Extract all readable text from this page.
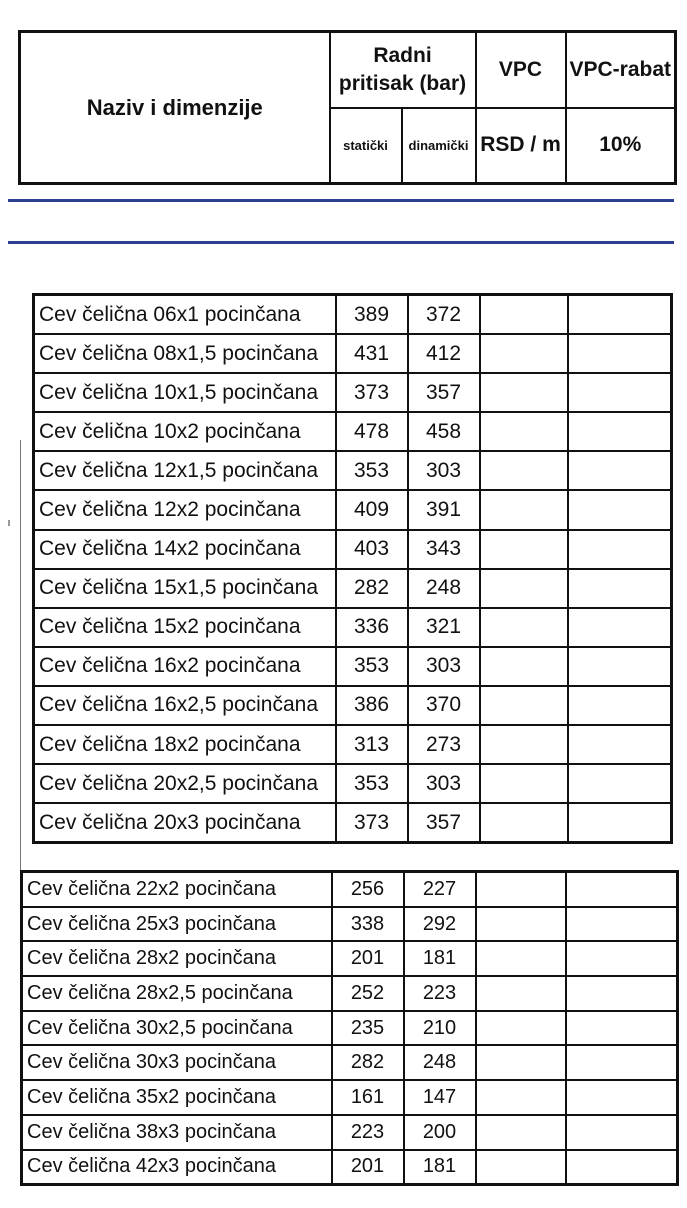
Naziv i dimenzije	Radni
pritisak (bar)		VPC	VPC-rabat
	statički	dinamički	RSD / m	10%
Cev čelična 06x1 pocinčana	389	372		
Cev čelična 08x1,5 pocinčana	431	412		
Cev čelična 10x1,5 pocinčana	373	357		
Cev čelična 10x2 pocinčana	478	458		
Cev čelična 12x1,5 pocinčana	353	303		
Cev čelična 12x2 pocinčana	409	391		
Cev čelična 14x2 pocinčana	403	343		
Cev čelična 15x1,5 pocinčana	282	248		
Cev čelična 15x2 pocinčana	336	321		
Cev čelična 16x2 pocinčana	353	303		
Cev čelična 16x2,5 pocinčana	386	370		
Cev čelična 18x2 pocinčana	313	273		
Cev čelična 20x2,5 pocinčana	353	303		
Cev čelična 20x3 pocinčana	373	357		
Cev čelična 22x2 pocinčana	256	227		
Cev čelična 25x3 pocinčana	338	292		
Cev čelična 28x2 pocinčana	201	181		
Cev čelična 28x2,5 pocinčana	252	223		
Cev čelična 30x2,5 pocinčana	235	210		
Cev čelična 30x3 pocinčana	282	248		
Cev čelična 35x2 pocinčana	161	147		
Cev čelična 38x3 pocinčana	223	200		
Cev čelična 42x3 pocinčana	201	181		
